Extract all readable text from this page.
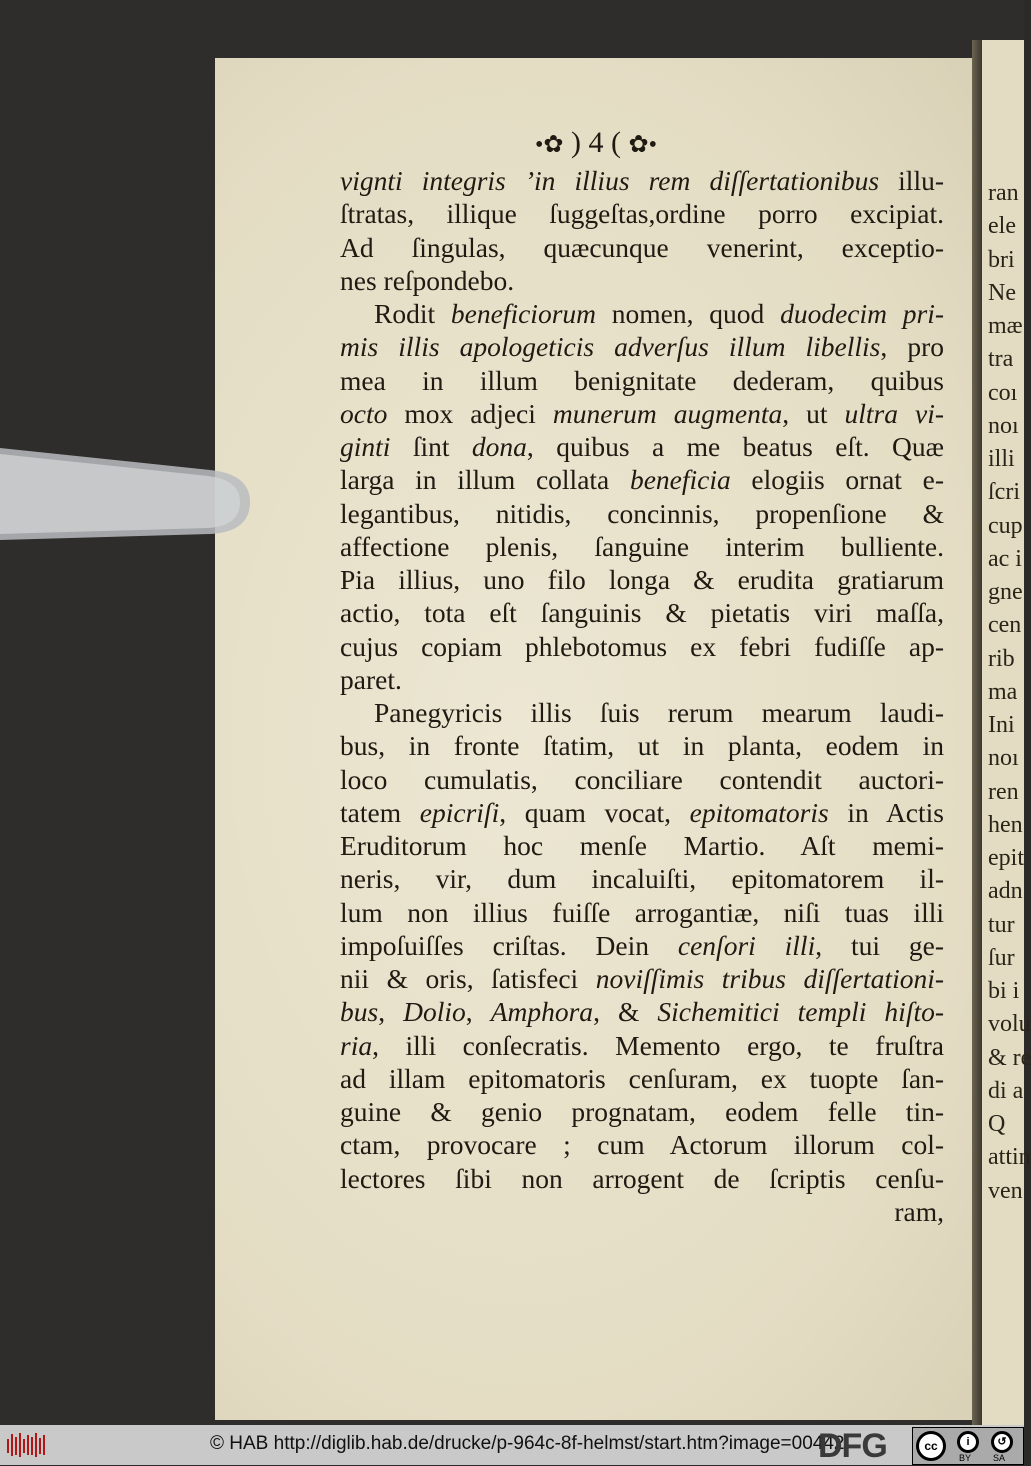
•✿ ) 4 ( ✿•
vignti integris ’in illius rem diſſertationibus illu-
ſtratas, illique ſuggeſtas,ordine porro excipiat.
Ad ſingulas, quæcunque venerint, exceptio-
nes reſpondebo.
Rodit beneficiorum nomen, quod duodecim pri-
mis illis apologeticis adverſus illum libellis, pro
mea in illum benignitate dederam, quibus
octo mox adjeci munerum augmenta, ut ultra vi-
ginti ſint dona, quibus a me beatus eſt. Quæ
larga in illum collata beneficia elogiis ornat e-
legantibus, nitidis, concinnis, propenſione &
affectione plenis, ſanguine interim bulliente.
Pia illius, uno filo longa & erudita gratiarum
actio, tota eſt ſanguinis & pietatis viri maſſa,
cujus copiam phlebotomus ex febri fudiſſe ap-
paret.
Panegyricis illis ſuis rerum mearum laudi-
bus, in fronte ſtatim, ut in planta, eodem in
loco cumulatis, conciliare contendit auctori-
tatem epicriſi, quam vocat, epitomatoris in Actis
Eruditorum hoc menſe Martio. Aſt memi-
neris, vir, dum incaluiſti, epitomatorem il-
lum non illius fuiſſe arrogantiæ, niſi tuas illi
impoſuiſſes criſtas. Dein cenſori illi, tui ge-
nii & oris, ſatisfeci noviſſimis tribus diſſertationi-
bus, Dolio, Amphora, & Sichemitici templi hiſto-
ria, illi conſecratis. Memento ergo, te fruſtra
ad illam epitomatoris cenſuram, ex tuopte ſan-
guine & genio prognatam, eodem felle tin-
ctam, provocare ; cum Actorum illorum col-
lectores ſibi non arrogent de ſcriptis cenſu-
ram,
ran
ele
bri
Ne
mæ
tra
coı
noı
illi
ſcri
cup
ac i
gne
cen
rib
ma
Ini
noı
ren
hen
epit
adn
tur
ſur
bi i
volu
& re
di a
Q
attin
ven
© HAB http://diglib.hab.de/drucke/p-964c-8f-helmst/start.htm?image=00442
DFG	cc	i	↺
BY SA
